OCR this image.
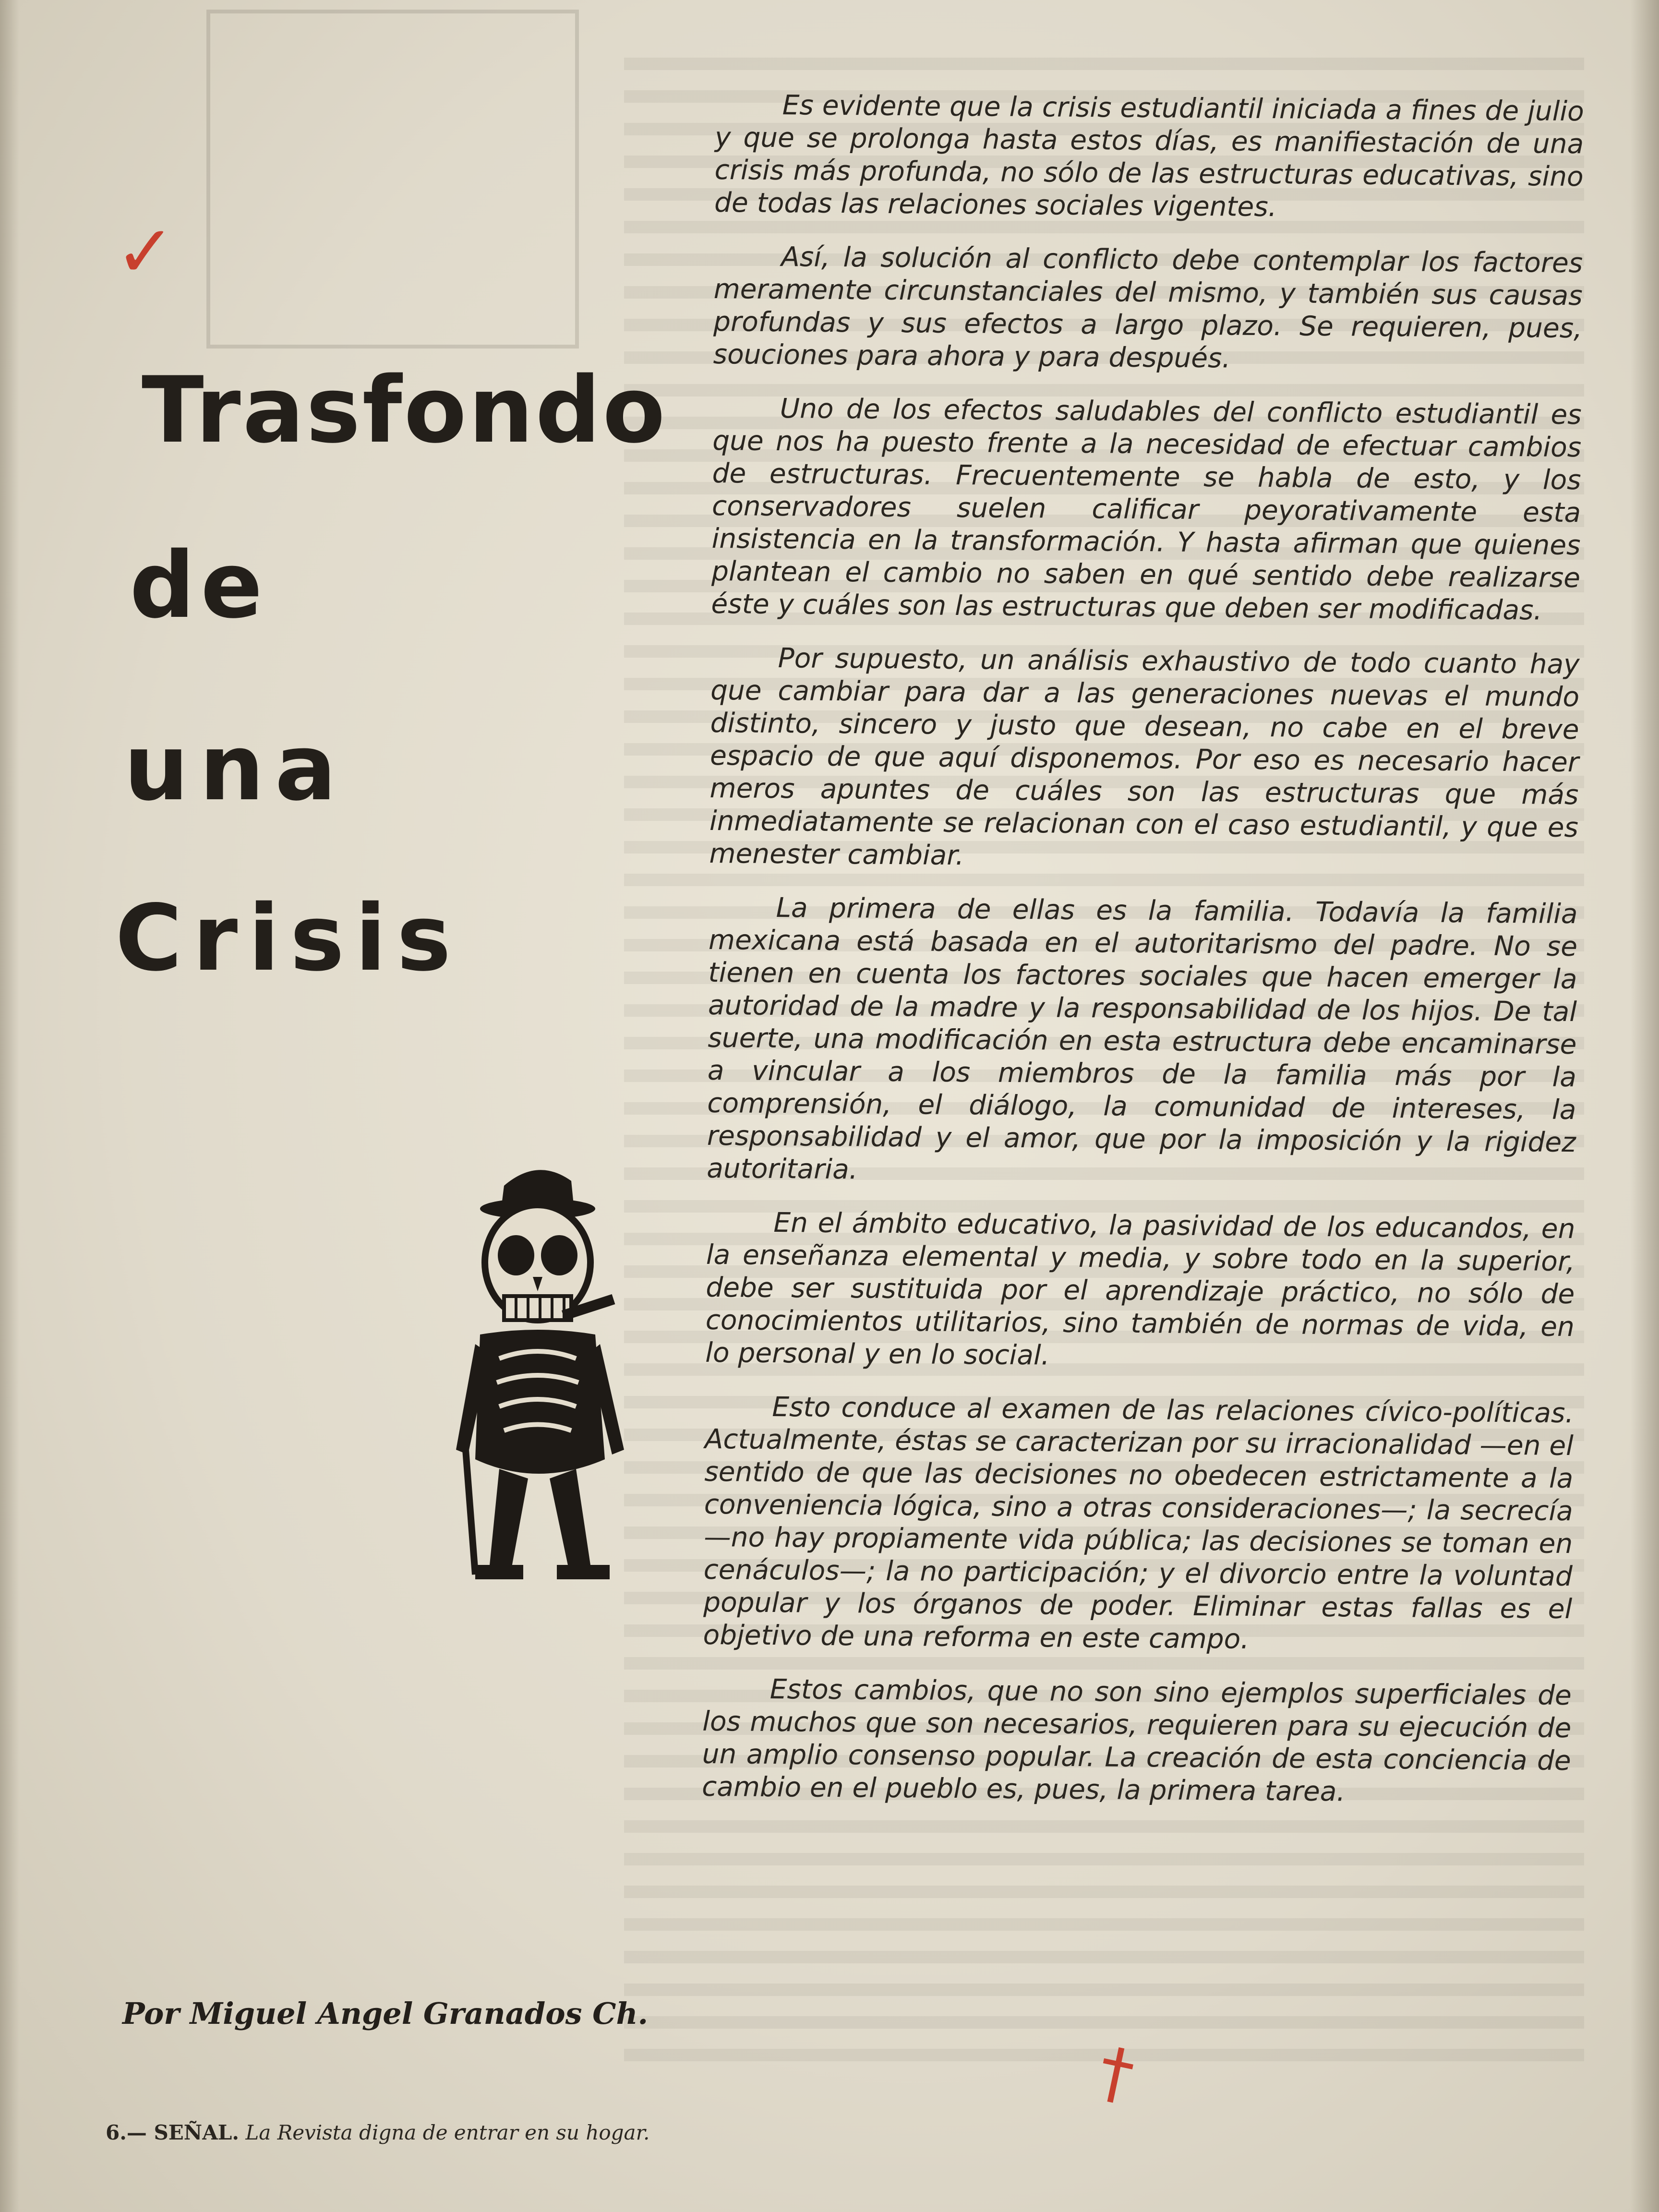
✓
Trasfondo
de
una
Crisis

Por Miguel Angel Granados Ch.

Es evidente que la crisis estudiantil iniciada a fines de julio y que se prolonga hasta estos días, es manifiestación de una crisis más profunda, no sólo de las estructuras educativas, sino de todas las relaciones sociales vigentes.

Así, la solución al conflicto debe contemplar los factores meramente circunstanciales del mismo, y también sus causas profundas y sus efectos a largo plazo. Se requieren, pues, souciones para ahora y para después.

Uno de los efectos saludables del conflicto estudiantil es que nos ha puesto frente a la necesidad de efectuar cambios de estructuras. Frecuentemente se habla de esto, y los conservadores suelen calificar peyorativamente esta insistencia en la transformación. Y hasta afirman que quienes plantean el cambio no saben en qué sentido debe realizarse éste y cuáles son las estructuras que deben ser modificadas.

Por supuesto, un análisis exhaustivo de todo cuanto hay que cambiar para dar a las generaciones nuevas el mundo distinto, sincero y justo que desean, no cabe en el breve espacio de que aquí disponemos. Por eso es necesario hacer meros apuntes de cuáles son las estructuras que más inmediatamente se relacionan con el caso estudiantil, y que es menester cambiar.

La primera de ellas es la familia. Todavía la familia mexicana está basada en el autoritarismo del padre. No se tienen en cuenta los factores sociales que hacen emerger la autoridad de la madre y la responsabilidad de los hijos. De tal suerte, una modificación en esta estructura debe encaminarse a vincular a los miembros de la familia más por la comprensión, el diálogo, la comunidad de intereses, la responsabilidad y el amor, que por la imposición y la rigidez autoritaria.

En el ámbito educativo, la pasividad de los educandos, en la enseñanza elemental y media, y sobre todo en la superior, debe ser sustituida por el aprendizaje práctico, no sólo de conocimientos utilitarios, sino también de normas de vida, en lo personal y en lo social.

Esto conduce al examen de las relaciones cívico-políticas. Actualmente, éstas se caracterizan por su irracionalidad —en el sentido de que las decisiones no obedecen estrictamente a la conveniencia lógica, sino a otras consideraciones—; la secrecía —no hay propiamente vida pública; las decisiones se toman en cenáculos—; la no participación; y el divorcio entre la voluntad popular y los órganos de poder. Eliminar estas fallas es el objetivo de una reforma en este campo.

Estos cambios, que no son sino ejemplos superficiales de los muchos que son necesarios, requieren para su ejecución de un amplio consenso popular. La creación de esta conciencia de cambio en el pueblo es, pues, la primera tarea.

†
6.— SEÑAL. La Revista digna de entrar en su hogar.
